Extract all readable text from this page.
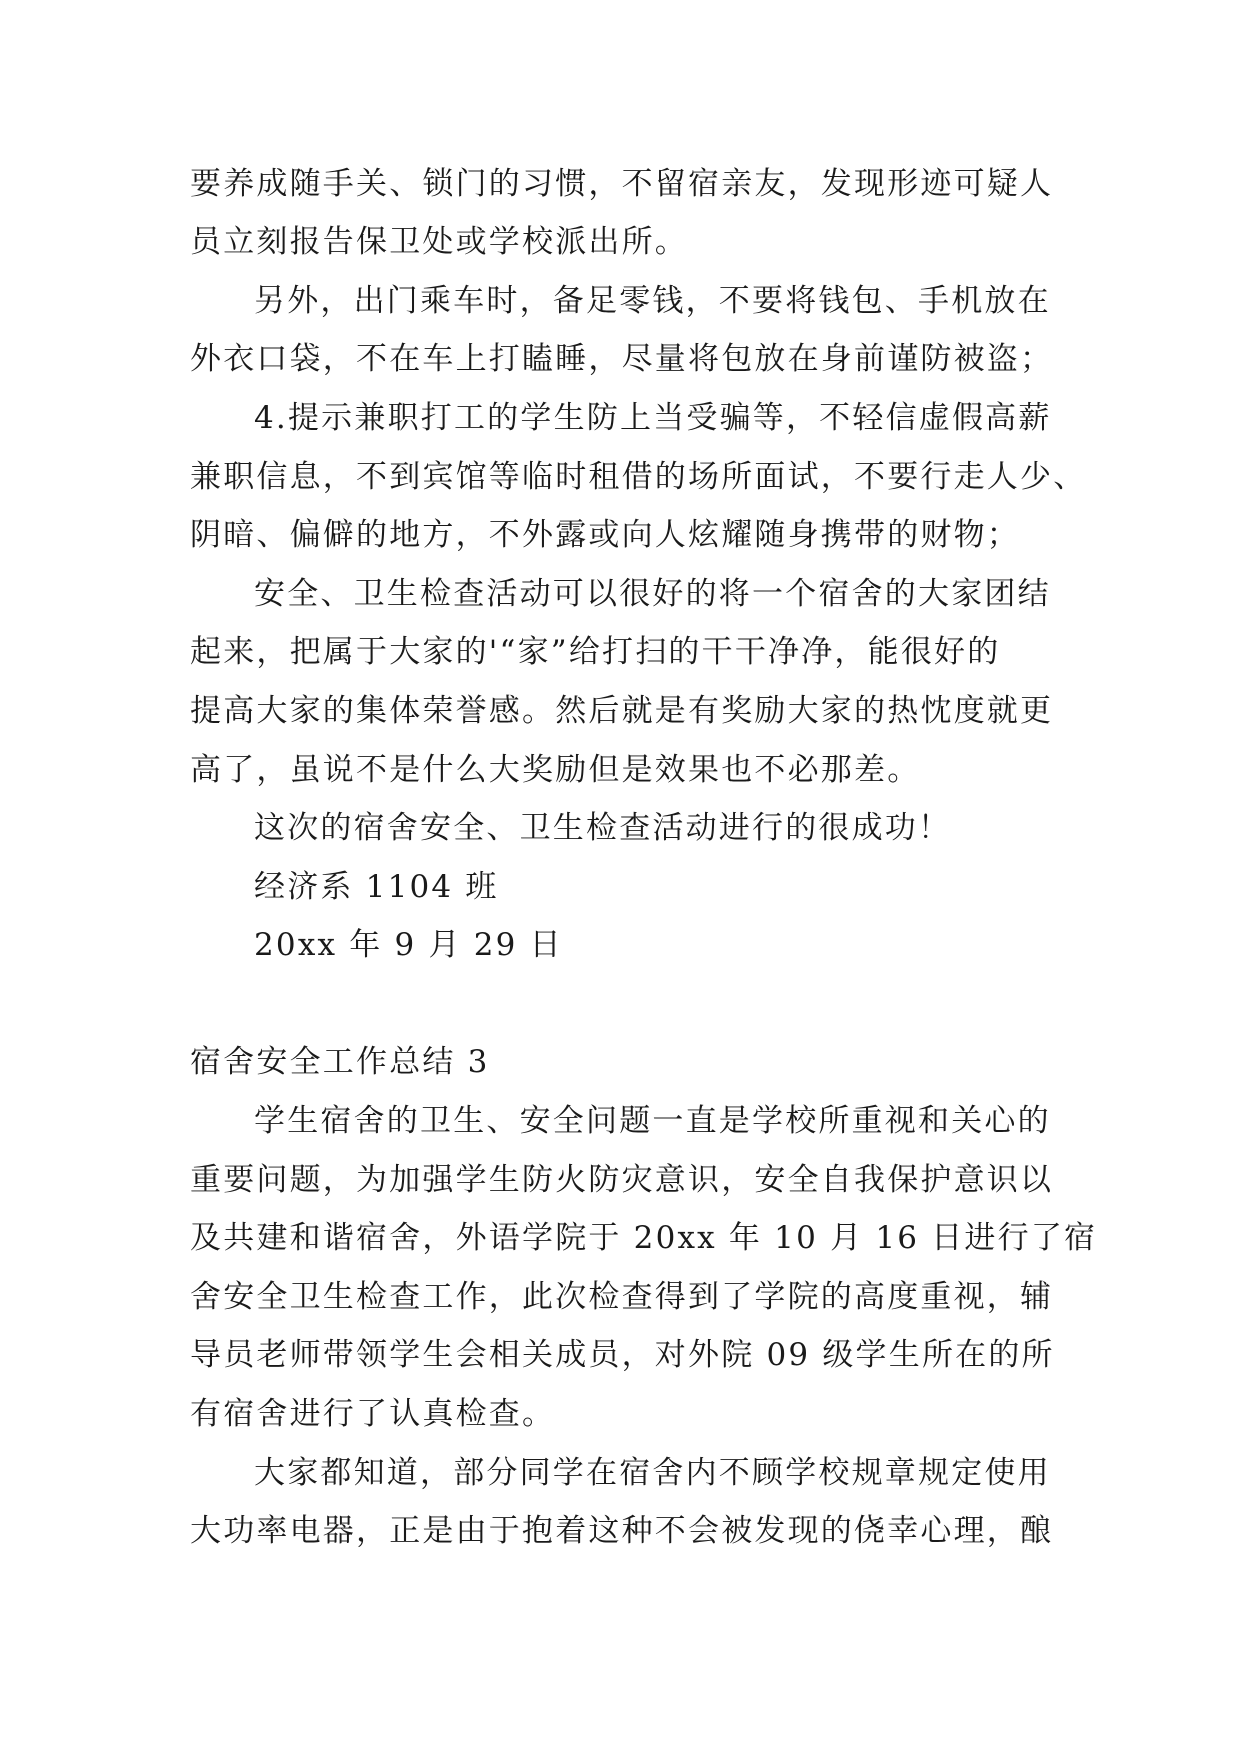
要养成随手关、锁门的习惯，不留宿亲友，发现形迹可疑人
员立刻报告保卫处或学校派出所。
另外，出门乘车时，备足零钱，不要将钱包、手机放在
外衣口袋，不在车上打瞌睡，尽量将包放在身前谨防被盗；
4.提示兼职打工的学生防上当受骗等，不轻信虚假高薪
兼职信息，不到宾馆等临时租借的场所面试，不要行走人少、
阴暗、偏僻的地方，不外露或向人炫耀随身携带的财物；
安全、卫生检查活动可以很好的将一个宿舍的大家团结
起来，把属于大家的'“家”给打扫的干干净净，能很好的
提高大家的集体荣誉感。然后就是有奖励大家的热忱度就更
高了，虽说不是什么大奖励但是效果也不必那差。
这次的宿舍安全、卫生检查活动进行的很成功！
经济系 1104 班
20xx 年 9 月 29 日
宿舍安全工作总结 3
学生宿舍的卫生、安全问题一直是学校所重视和关心的
重要问题，为加强学生防火防灾意识，安全自我保护意识以
及共建和谐宿舍，外语学院于 20xx 年 10 月 16 日进行了宿
舍安全卫生检查工作，此次检查得到了学院的高度重视，辅
导员老师带领学生会相关成员，对外院 09 级学生所在的所
有宿舍进行了认真检查。
大家都知道，部分同学在宿舍内不顾学校规章规定使用
大功率电器，正是由于抱着这种不会被发现的侥幸心理，酿
